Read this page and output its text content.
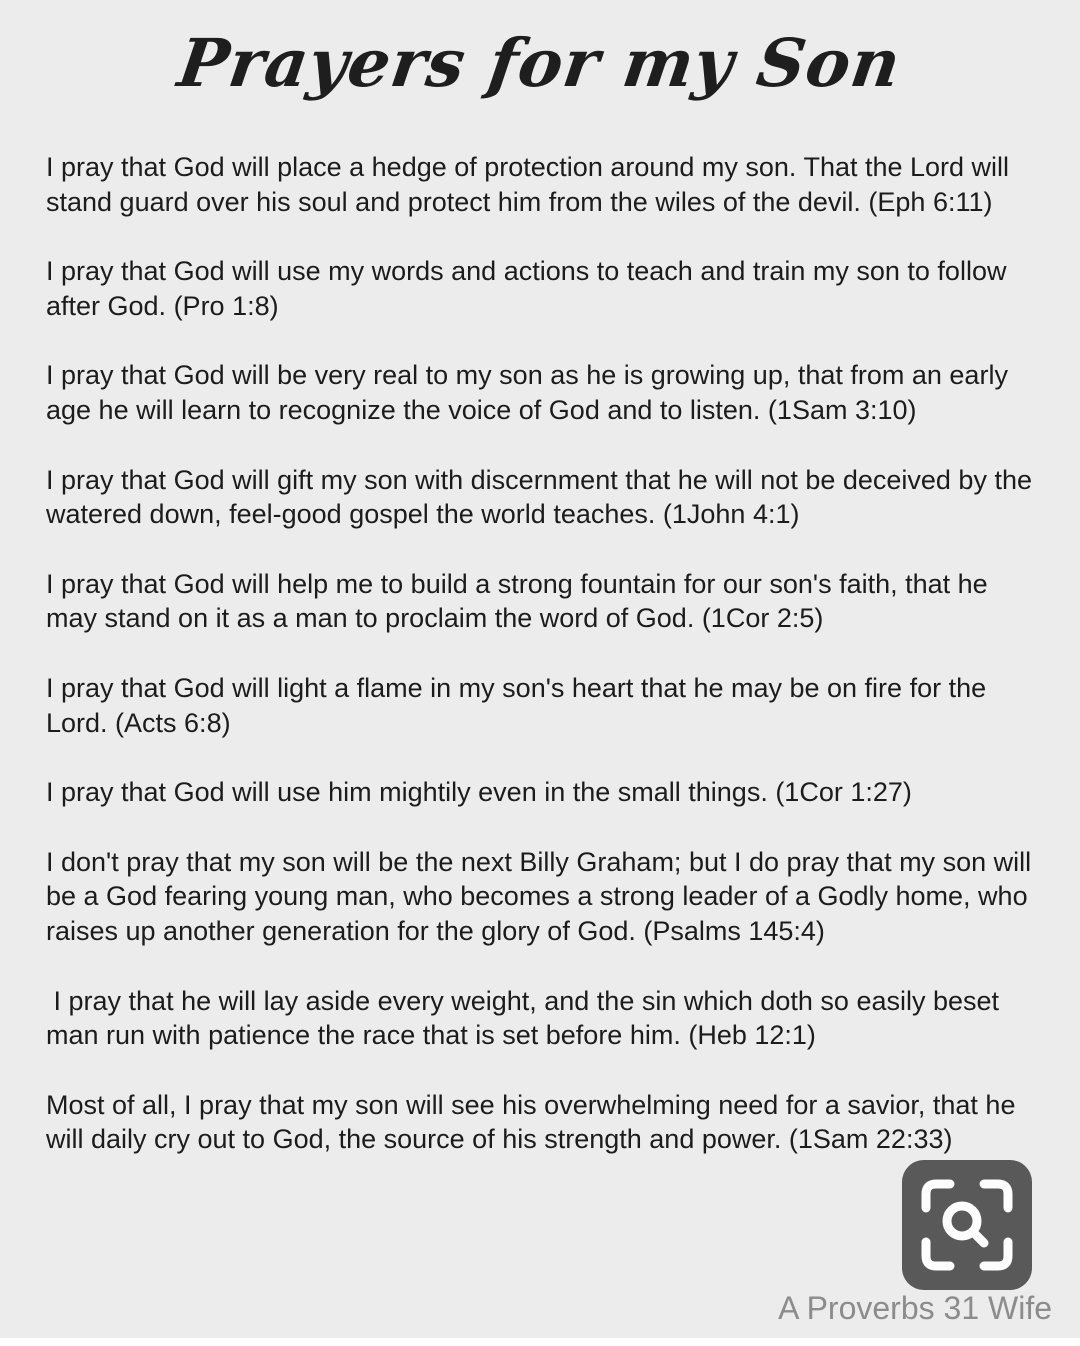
Prayers for my Son

I pray that God will place a hedge of protection around my son. That the Lord will stand guard over his soul and protect him from the wiles of the devil. (Eph 6:11)

I pray that God will use my words and actions to teach and train my son to follow after God. (Pro 1:8)

I pray that God will be very real to my son as he is growing up, that from an early age he will learn to recognize the voice of God and to listen. (1Sam 3:10)

I pray that God will gift my son with discernment that he will not be deceived by the watered down, feel-good gospel the world teaches. (1John 4:1)

I pray that God will help me to build a strong fountain for our son's faith, that he may stand on it as a man to proclaim the word of God. (1Cor 2:5)

I pray that God will light a flame in my son's heart that he may be on fire for the Lord. (Acts 6:8)

I pray that God will use him mightily even in the small things. (1Cor 1:27)

I don't pray that my son will be the next Billy Graham; but I do pray that my son will be a God fearing young man, who becomes a strong leader of a Godly home, who raises up another generation for the glory of God. (Psalms 145:4)

I pray that he will lay aside every weight, and the sin which doth so easily beset man run with patience the race that is set before him. (Heb 12:1)

Most of all, I pray that my son will see his overwhelming need for a savior, that he will daily cry out to God, the source of his strength and power. (1Sam 22:33)

A Proverbs 31 Wife
